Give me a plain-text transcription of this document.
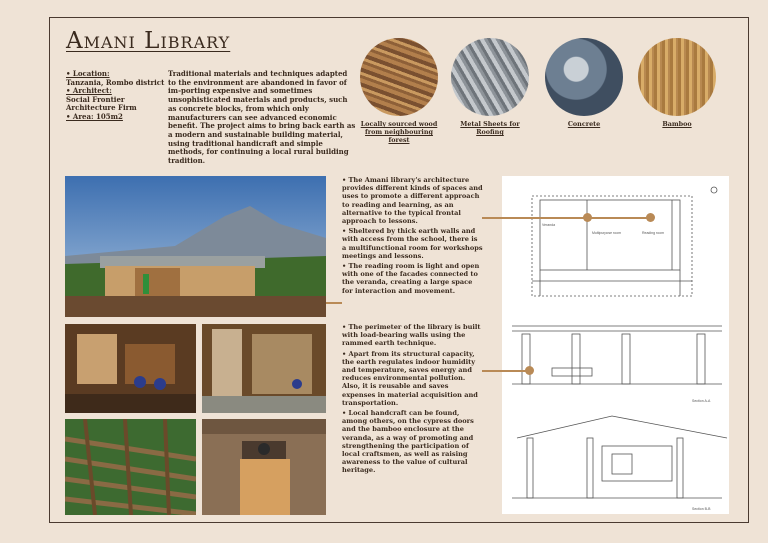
Amani Library
• Location:
Tanzania, Rombo district
• Architect:
Social Frontier Architecture Firm
• Area: 105m2
Traditional materials and techniques adapted to the environment are abandoned in favor of im-porting expensive and sometimes unsophisticated materials and products, such as concrete blocks, from which only manufacturers can see advanced economic benefit. The project aims to bring back earth as a modern and sustainable building material, using traditional handicraft and simple methods, for continuing a local rural building tradition.
Locally sourced wood from neighbouring forest
Metal Sheets for Roofing
Concrete	Bamboo

• The Amani library's architecture provides different kinds of spaces and uses to promote a different approach to reading and learning, as an alternative to the typical frontal approach to lessons.

• Sheltered by thick earth walls and with access from the school, there is a multifunctional room for workshops meetings and lessons.

• The reading room is light and open with one of the facades connected to the veranda, creating a large space for interaction and movement.

• The perimeter of the library is built with load-bearing walls using the rammed earth technique.

• Apart from its structural capacity, the earth regulates indoor humidity and temperature, saves energy and reduces environmental pollution. Also, it is reusable and saves expenses in material acquisition and transportation.

• Local handcraft can be found, among others, on the cypress doors and the bamboo enclosure at the veranda, as a way of promoting and strengthening the participation of local craftsmen, as well as raising awareness to the value of cultural heritage.

Multipurpose room	Reading room
Veranda
Section A-A
Section B-B
